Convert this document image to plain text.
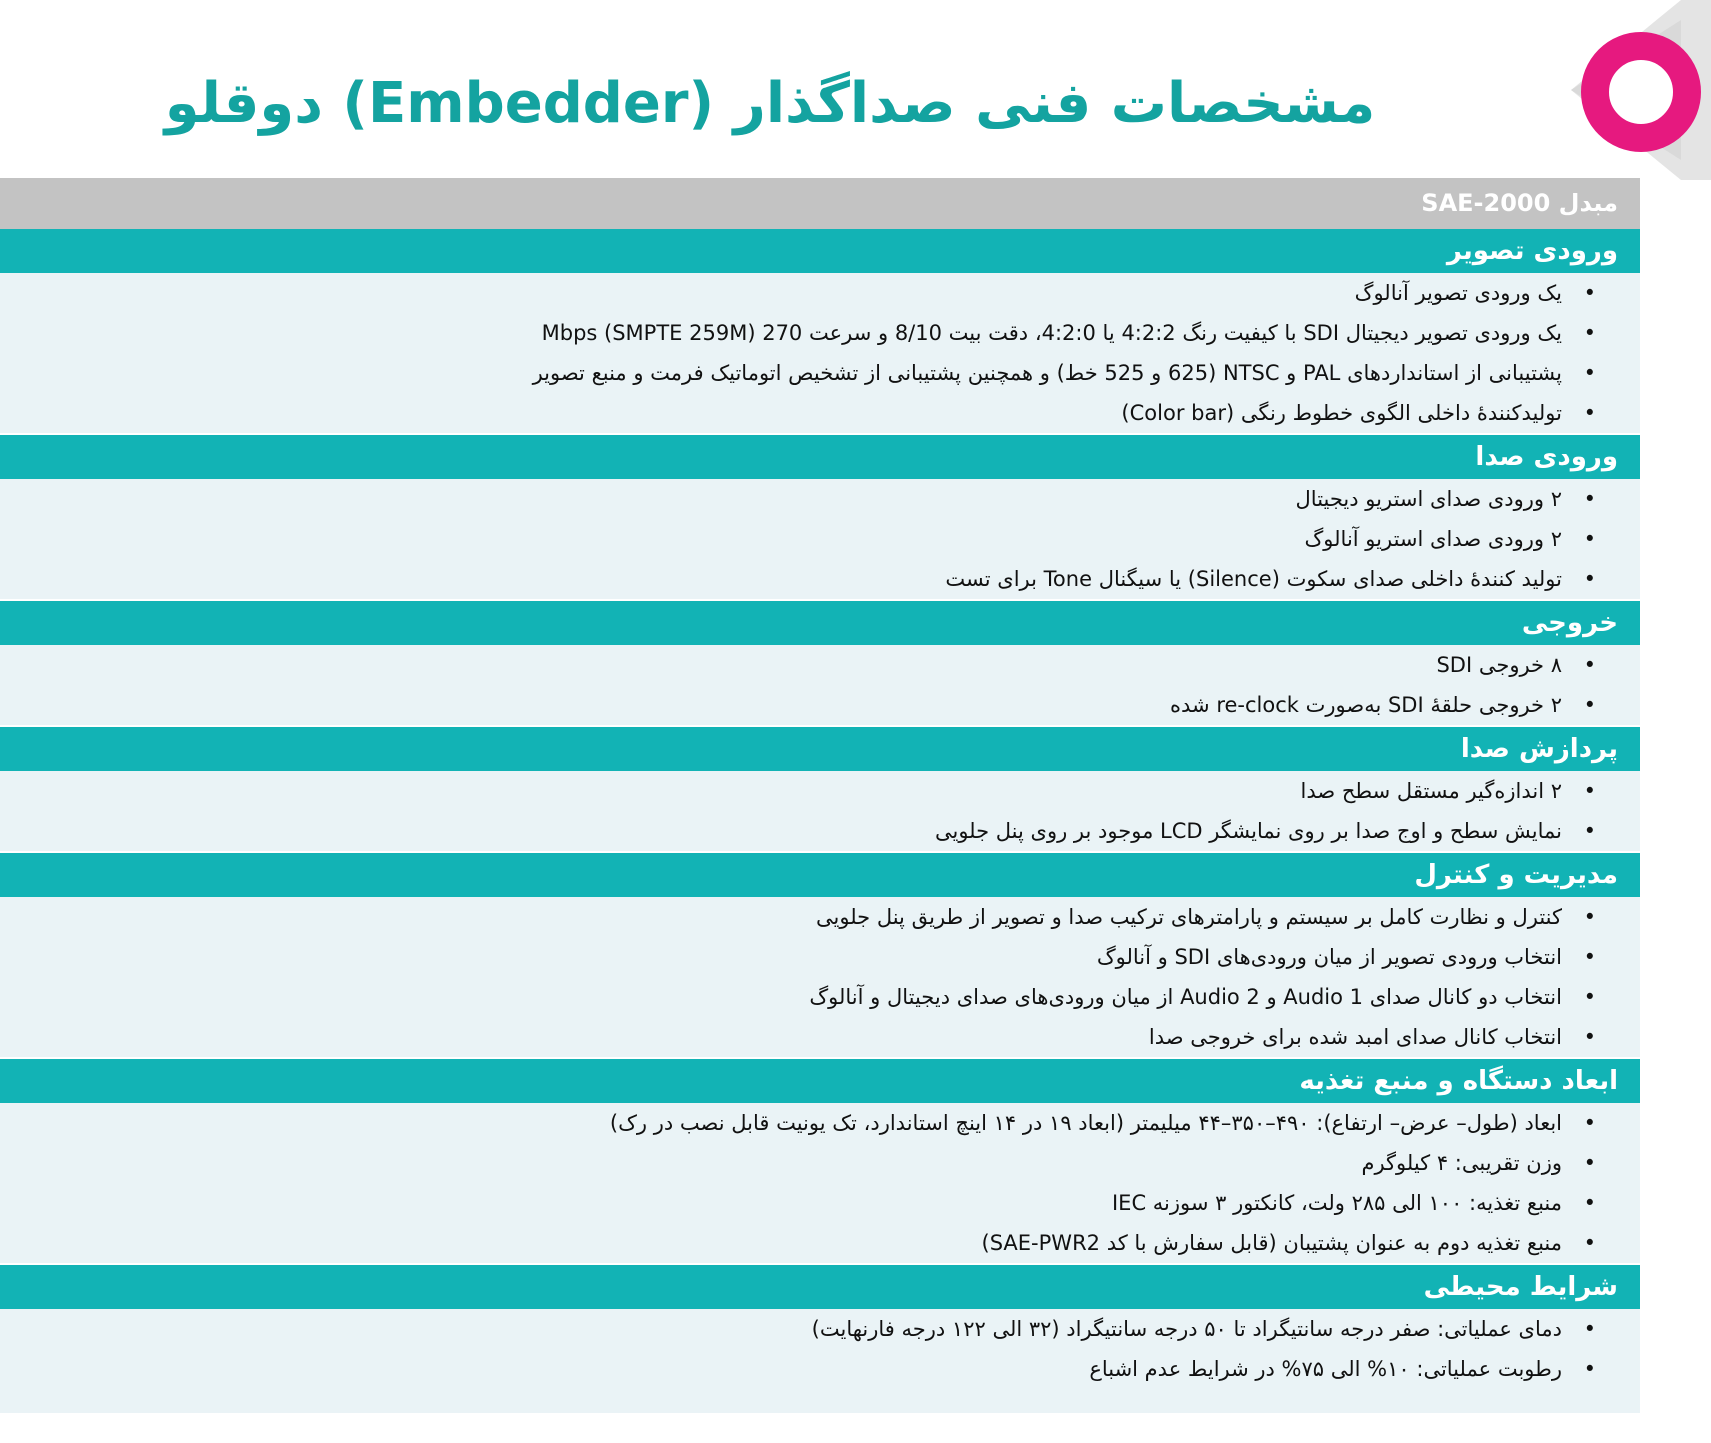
مشخصات فنی صداگذار (Embedder) دوقلو
مبدل SAE-2000
ورودی تصویر
• یک ورودی تصویر آنالوگ
• یک ورودی تصویر دیجیتال SDI با کیفیت رنگ 4:2:2 یا 4:2:0، دقت بیت 8/10 و سرعت 270 Mbps (SMPTE 259M)
• پشتیبانی از استانداردهای PAL و NTSC (625 و 525 خط) و همچنین پشتیبانی از تشخیص اتوماتیک فرمت و منبع تصویر
• تولیدکنندۀ داخلی الگوی خطوط رنگی (Color bar)
ورودی صدا
• ۲ ورودی صدای استریو دیجیتال
• ۲ ورودی صدای استریو آنالوگ
• تولید کنندۀ داخلی صدای سکوت (Silence) یا سیگنال Tone برای تست
خروجی
• ۸ خروجی SDI
• ۲ خروجی حلقۀ SDI به‌صورت re-clock شده
پردازش صدا
• ۲ اندازه‌گیر مستقل سطح صدا
• نمایش سطح و اوج صدا بر روی نمایشگر LCD موجود بر روی پنل جلویی
مدیریت و کنترل
• کنترل و نظارت کامل بر سیستم و پارامترهای ترکیب صدا و تصویر از طریق پنل جلویی
• انتخاب ورودی تصویر از میان ورودی‌های SDI و آنالوگ
• انتخاب دو کانال صدای Audio 1 و Audio 2 از میان ورودی‌های صدای دیجیتال و آنالوگ
• انتخاب کانال صدای امبد شده برای خروجی صدا
ابعاد دستگاه و منبع تغذیه
• ابعاد (طول– عرض– ارتفاع): ۴۹۰–۳۵۰–۴۴ میلیمتر (ابعاد ۱۹ در ۱۴ اینچ استاندارد، تک یونیت قابل نصب در رک)
• وزن تقریبی: ۴ کیلوگرم
• منبع تغذیه: ۱۰۰ الی ۲۸۵ ولت، کانکتور ۳ سوزنه IEC
• منبع تغذیه دوم به عنوان پشتیبان (قابل سفارش با کد SAE-PWR2)
شرایط محیطی
• دمای عملیاتی: صفر درجه سانتیگراد تا ۵۰ درجه سانتیگراد (۳۲ الی ۱۲۲ درجه فارنهایت)
• رطوبت عملیاتی: ۱۰% الی ۷۵% در شرایط عدم اشباع
